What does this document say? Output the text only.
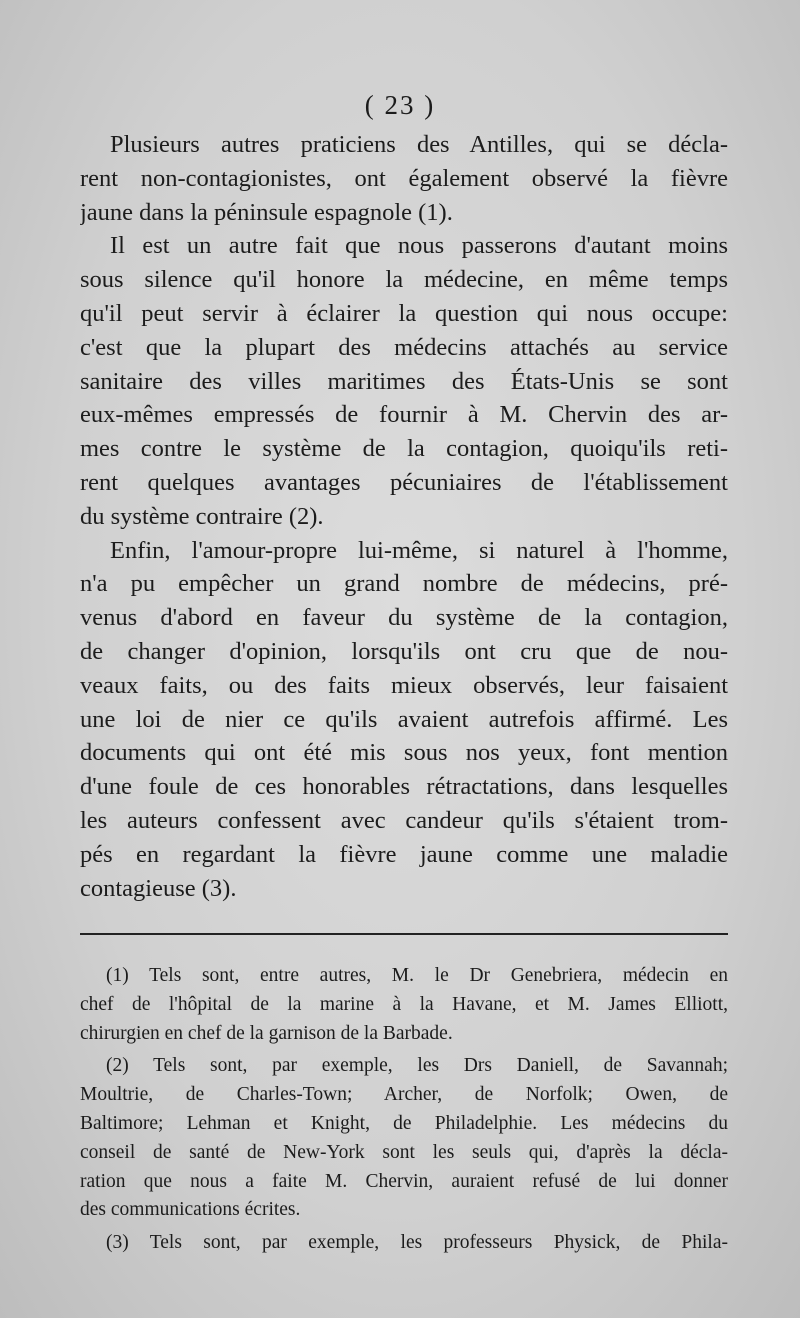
( 23 )
Plusieurs autres praticiens des Antilles, qui se décla-
rent non-contagionistes, ont également observé la fièvre
jaune dans la péninsule espagnole (1).
Il est un autre fait que nous passerons d'autant moins
sous silence qu'il honore la médecine, en même temps
qu'il peut servir à éclairer la question qui nous occupe:
c'est que la plupart des médecins attachés au service
sanitaire des villes maritimes des États-Unis se sont
eux-mêmes empressés de fournir à M. Chervin des ar-
mes contre le système de la contagion, quoiqu'ils reti-
rent quelques avantages pécuniaires de l'établissement
du système contraire (2).
Enfin, l'amour-propre lui-même, si naturel à l'homme,
n'a pu empêcher un grand nombre de médecins, pré-
venus d'abord en faveur du système de la contagion,
de changer d'opinion, lorsqu'ils ont cru que de nou-
veaux faits, ou des faits mieux observés, leur faisaient
une loi de nier ce qu'ils avaient autrefois affirmé. Les
documents qui ont été mis sous nos yeux, font mention
d'une foule de ces honorables rétractations, dans lesquelles
les auteurs confessent avec candeur qu'ils s'étaient trom-
pés en regardant la fièvre jaune comme une maladie
contagieuse (3).
(1) Tels sont, entre autres, M. le Dr Genebriera, médecin en
chef de l'hôpital de la marine à la Havane, et M. James Elliott,
chirurgien en chef de la garnison de la Barbade.
(2) Tels sont, par exemple, les Drs Daniell, de Savannah;
Moultrie, de Charles-Town; Archer, de Norfolk; Owen, de
Baltimore; Lehman et Knight, de Philadelphie. Les médecins du
conseil de santé de New-York sont les seuls qui, d'après la décla-
ration que nous a faite M. Chervin, auraient refusé de lui donner
des communications écrites.
(3) Tels sont, par exemple, les professeurs Physick, de Phila-
